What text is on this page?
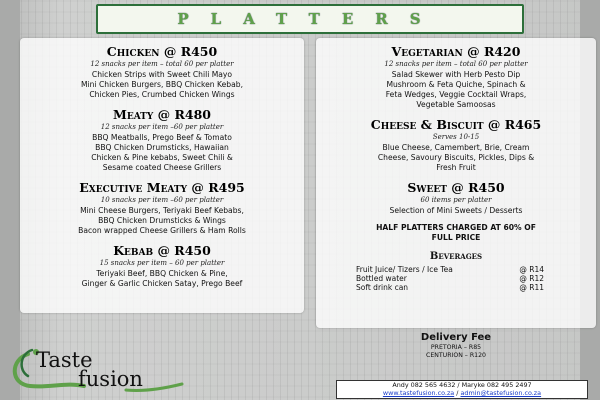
PLATTERS
Chicken @ R450
12 snacks per item – total 60 per platter
Chicken Strips with Sweet Chili Mayo
Mini Chicken Burgers, BBQ Chicken Kebab,
Chicken Pies, Crumbed Chicken Wings
Meaty @ R480
12 snacks per item –60 per platter
BBQ Meatballs, Prego Beef & Tomato
BBQ Chicken Drumsticks, Hawaiian
Chicken & Pine kebabs, Sweet Chili &
Sesame coated Cheese Grillers
Executive Meaty @ R495
10 snacks per item –60 per platter
Mini Cheese Burgers, Teriyaki Beef Kebabs,
BBQ Chicken Drumsticks & Wings
Bacon wrapped Cheese Grillers & Ham Rolls
Kebab @ R450
15 snacks per item – 60 per platter
Teriyaki Beef, BBQ Chicken & Pine,
Ginger & Garlic Chicken Satay, Prego Beef
Vegetarian @ R420
12 snacks per item – total 60 per platter
Salad Skewer with Herb Pesto Dip
Mushroom & Feta Quiche, Spinach &
Feta Wedges, Veggie Cocktail Wraps,
Vegetable Samoosas
Cheese & Biscuit @ R465
Serves 10-15
Blue Cheese, Camembert, Brie, Cream
Cheese, Savoury Biscuits, Pickles, Dips &
Fresh Fruit
Sweet @ R450
60 items per platter
Selection of Mini Sweets / Desserts
HALF PLATTERS CHARGED AT 60% OF
FULL PRICE
Beverages
Fruit Juice/ Tizers / Ice Tea	@ R14
Bottled water	@ R12
Soft drink can	@ R11
Delivery Fee
PRETORIA – R85
CENTURION – R120
Andy 082 565 4632 / Maryke 082 495 2497
www.tastefusion.co.za / admin@tastefusion.co.za
Taste
fusion
